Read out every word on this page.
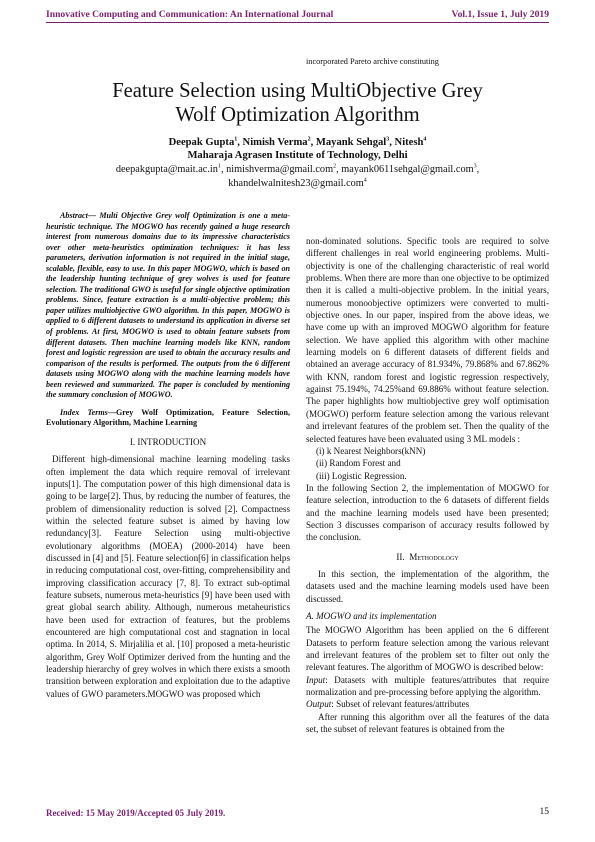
Innovative Computing and Communication: An International Journal	Vol.1, Issue 1, July 2019
incorporated Pareto archive constituting
Feature Selection using MultiObjective Grey
Wolf Optimization Algorithm
Deepak Gupta$^1$, Nimish Verma$^2$, Mayank Sehgal$^3$, Nitesh$^4$
Maharaja Agrasen Institute of Technology, Delhi
$deepakgupta@mait.ac.in^1$, nimishverma@gmail.com$^2$, mayank0611sehgal@gmail.com$^3$,
khandelwalnitesh23@gmail.com$^4$

Abstract— Multi Objective Grey wolf Optimization is one a meta-heuristic technique. The MOGWO has recently gained a huge research interest from numerous domains due to its impressive characteristics over other meta-heuristics optimization techniques: it has less parameters, derivation information is not required in the initial stage, scalable, flexible, easy to use. In this paper MOGWO, which is based on the leadership hunting technique of grey wolves is used for feature selection. The traditional GWO is useful for single objective optimization problems. Since, feature extraction is a multi-objective problem; this paper utilizes multiobjective GWO algorithm. In this paper, MOGWO is applied to 6 different datasets to understand its application in diverse set of problems. At first, MOGWO is used to obtain feature subsets from different datasets. Then machine learning models like KNN, random forest and logistic regression are used to obtain the accuracy results and comparison of the results is performed. The outputs from the 6 different datasets using MOGWO along with the machine learning models have been reviewed and summarized. The paper is concluded by mentioning the summary conclusion of MOGWO.

Index Terms—Grey Wolf Optimization, Feature Selection, Evolutionary Algorithm, Machine Learning

I. INTRODUCTION

Different high-dimensional machine learning modeling tasks often implement the data which require removal of irrelevant inputs[1]. The computation power of this high dimensional data is going to be large[2]. Thus, by reducing the number of features, the problem of dimensionality reduction is solved [2]. Compactness within the selected feature subset is aimed by having low redundancy[3]. Feature Selection using multi-objective evolutionary algorithms (MOEA) (2000-2014) have been discussed in [4] and [5]. Feature selection[6] in classification helps in reducing computational cost, over-fitting, comprehensibility and improving classification accuracy [7, 8]. To extract sub-optimal feature subsets, numerous meta-heuristics [9] have been used with great global search ability. Although, numerous metaheuristics have been used for extraction of features, but the problems encountered are high computational cost and stagnation in local optima. In 2014, S. Mirjalilia et al. [10] proposed a meta-heuristic algorithm, Grey Wolf Optimizer derived from the hunting and the leadership hierarchy of grey wolves in which there exists a smooth transition between exploration and exploitation due to the adaptive values of GWO parameters.MOGWO was proposed which

non-dominated solutions. Specific tools are required to solve different challenges in real world engineering problems. Multi-objectivity is one of the challenging characteristic of real world problems. When there are more than one objective to be optimized then it is called a multi-objective problem. In the initial years, numerous monoobjective optimizers were converted to multi-objective ones. In our paper, inspired from the above ideas, we have come up with an improved MOGWO algorithm for feature selection. We have applied this algorithm with other machine learning models on 6 different datasets of different fields and obtained an average accuracy of 81.934%, 79.868% and 67.862% with KNN, random forest and logistic regression respectively, against 75.194%, 74.25%and 69.886% without feature selection. The paper highlights how multiobjective grey wolf optimisation (MOGWO) perform feature selection among the various relevant and irrelevant features of the problem set. Then the quality of the selected features have been evaluated using 3 ML models :

(i) k Nearest Neighbors(kNN)
(ii) Random Forest and
(iii) Logistic Regression.

In the following Section 2, the implementation of MOGWO for feature selection, introduction to the 6 datasets of different fields and the machine learning models used have been presented; Section 3 discusses comparison of accuracy results followed by the conclusion.

II. Methodology

In this section, the implementation of the algorithm, the datasets used and the machine learning models used have been discussed.

A. MOGWO and its implementation

The MOGWO Algorithm has been applied on the 6 different Datasets to perform feature selection among the various relevant and irrelevant features of the problem set to filter out only the relevant features. The algorithm of MOGWO is described below:

Input: Datasets with multiple features/attributes that require normalization and pre-processing before applying the algorithm.

Output: Subset of relevant features/attributes

After running this algorithm over all the features of the data set, the subset of relevant features is obtained from the

Received: 15 May 2019/Accepted 05 July 2019.	15
